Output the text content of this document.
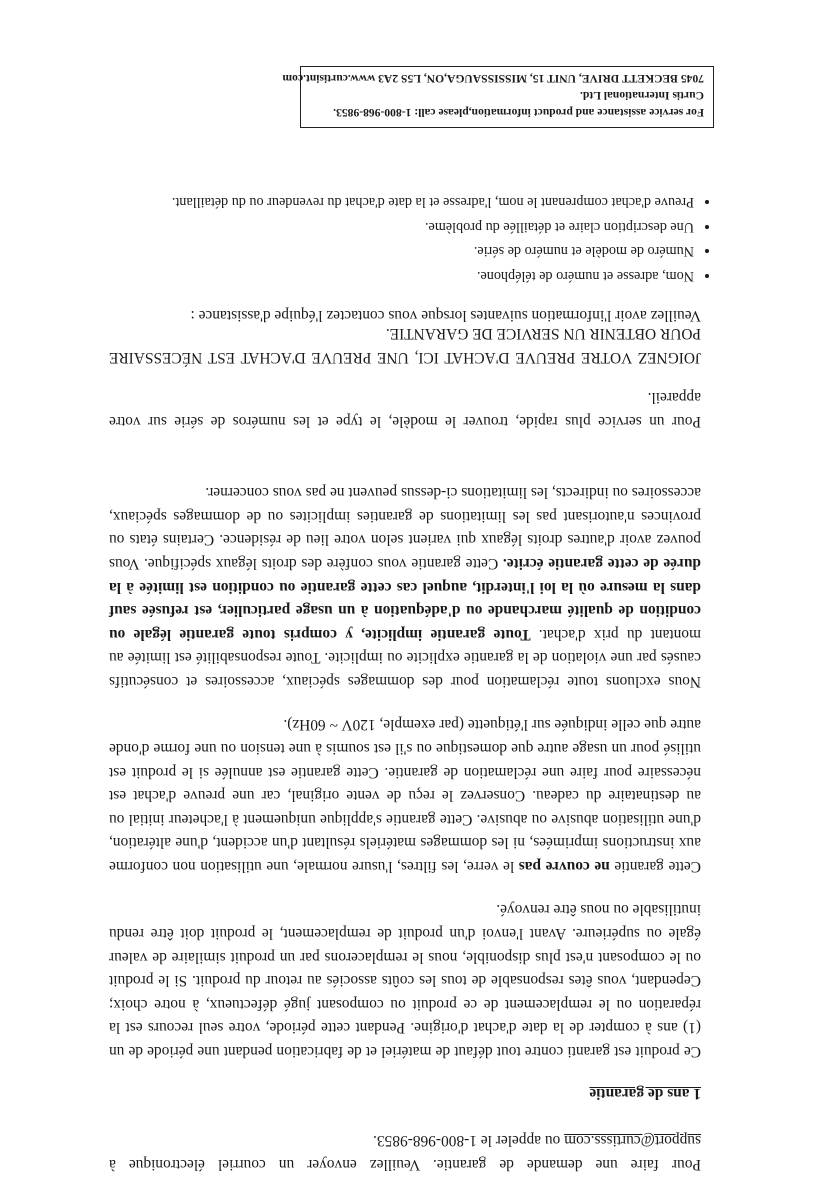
Pour faire une demande de garantie. Veuillez envoyer un courriel électronique à support@curtisss.com ou appeler le 1-800-968-9853.
1 ans de garantie
Ce produit est garanti contre tout défaut de matériel et de fabrication pendant une période de un (1) ans à compter de la date d'achat d'origine. Pendant cette période, votre seul recours est la réparation ou le remplacement de ce produit ou composant jugé défectueux, à notre choix; Cependant, vous êtes responsable de tous les coûts associés au retour du produit. Si le produit ou le composant n'est plus disponible, nous le remplacerons par un produit similaire de valeur égale ou supérieure. Avant l'envoi d'un produit de remplacement, le produit doit être rendu inutilisable ou nous être renvoyé.
Cette garantie ne couvre pas le verre, les filtres, l'usure normale, une utilisation non conforme aux instructions imprimées, ni les dommages matériels résultant d'un accident, d'une altération, d'une utilisation abusive ou abusive. Cette garantie s'applique uniquement à l'acheteur initial ou au destinataire du cadeau. Conservez le reçu de vente original, car une preuve d'achat est nécessaire pour faire une réclamation de garantie. Cette garantie est annulée si le produit est utilisé pour un usage autre que domestique ou s'il est soumis à une tension ou une forme d'onde autre que celle indiquée sur l'étiquette (par exemple, 120V ~ 60Hz).
Nous excluons toute réclamation pour des dommages spéciaux, accessoires et consécutifs causés par une violation de la garantie explicite ou implicite. Toute responsabilité est limitée au montant du prix d'achat. Toute garantie implicite, y compris toute garantie légale ou condition de qualité marchande ou d'adéquation à un usage particulier, est refusée sauf dans la mesure où la loi l'interdit, auquel cas cette garantie ou condition est limitée à la durée de cette garantie écrite. Cette garantie vous confère des droits légaux spécifique. Vous pouvez avoir d'autres droits légaux qui varient selon votre lieu de résidence. Certains états ou provinces n'autorisant pas les limitations de garanties implicites ou de dommages spéciaux, accessoires ou indirects, les limitations ci-dessus peuvent ne pas vous concerner.
Pour un service plus rapide, trouver le modèle, le type et les numéros de série sur votre appareil.
JOIGNEZ VOTRE PREUVE D'ACHAT ICI, UNE PREUVE D'ACHAT EST NÉCESSAIRE POUR OBTENIR UN SERVICE DE GARANTIE.
Veuillez avoir l'information suivantes lorsque vous contactez l'équipe d'assistance :
• Nom, adresse et numéro de téléphone.
• Numéro de modèle et numéro de série.
• Une description claire et détaillée du problème.
• Preuve d'achat comprenant le nom, l'adresse et la date d'achat du revendeur ou du détaillant.
For service assistance and product information,please call: 1-800-968-9853.
Curtis International Ltd.
7045 BECKETT DRIVE, UNIT 15, MISSISSAUGA,ON, L5S 2A3 www.curtisint.com
